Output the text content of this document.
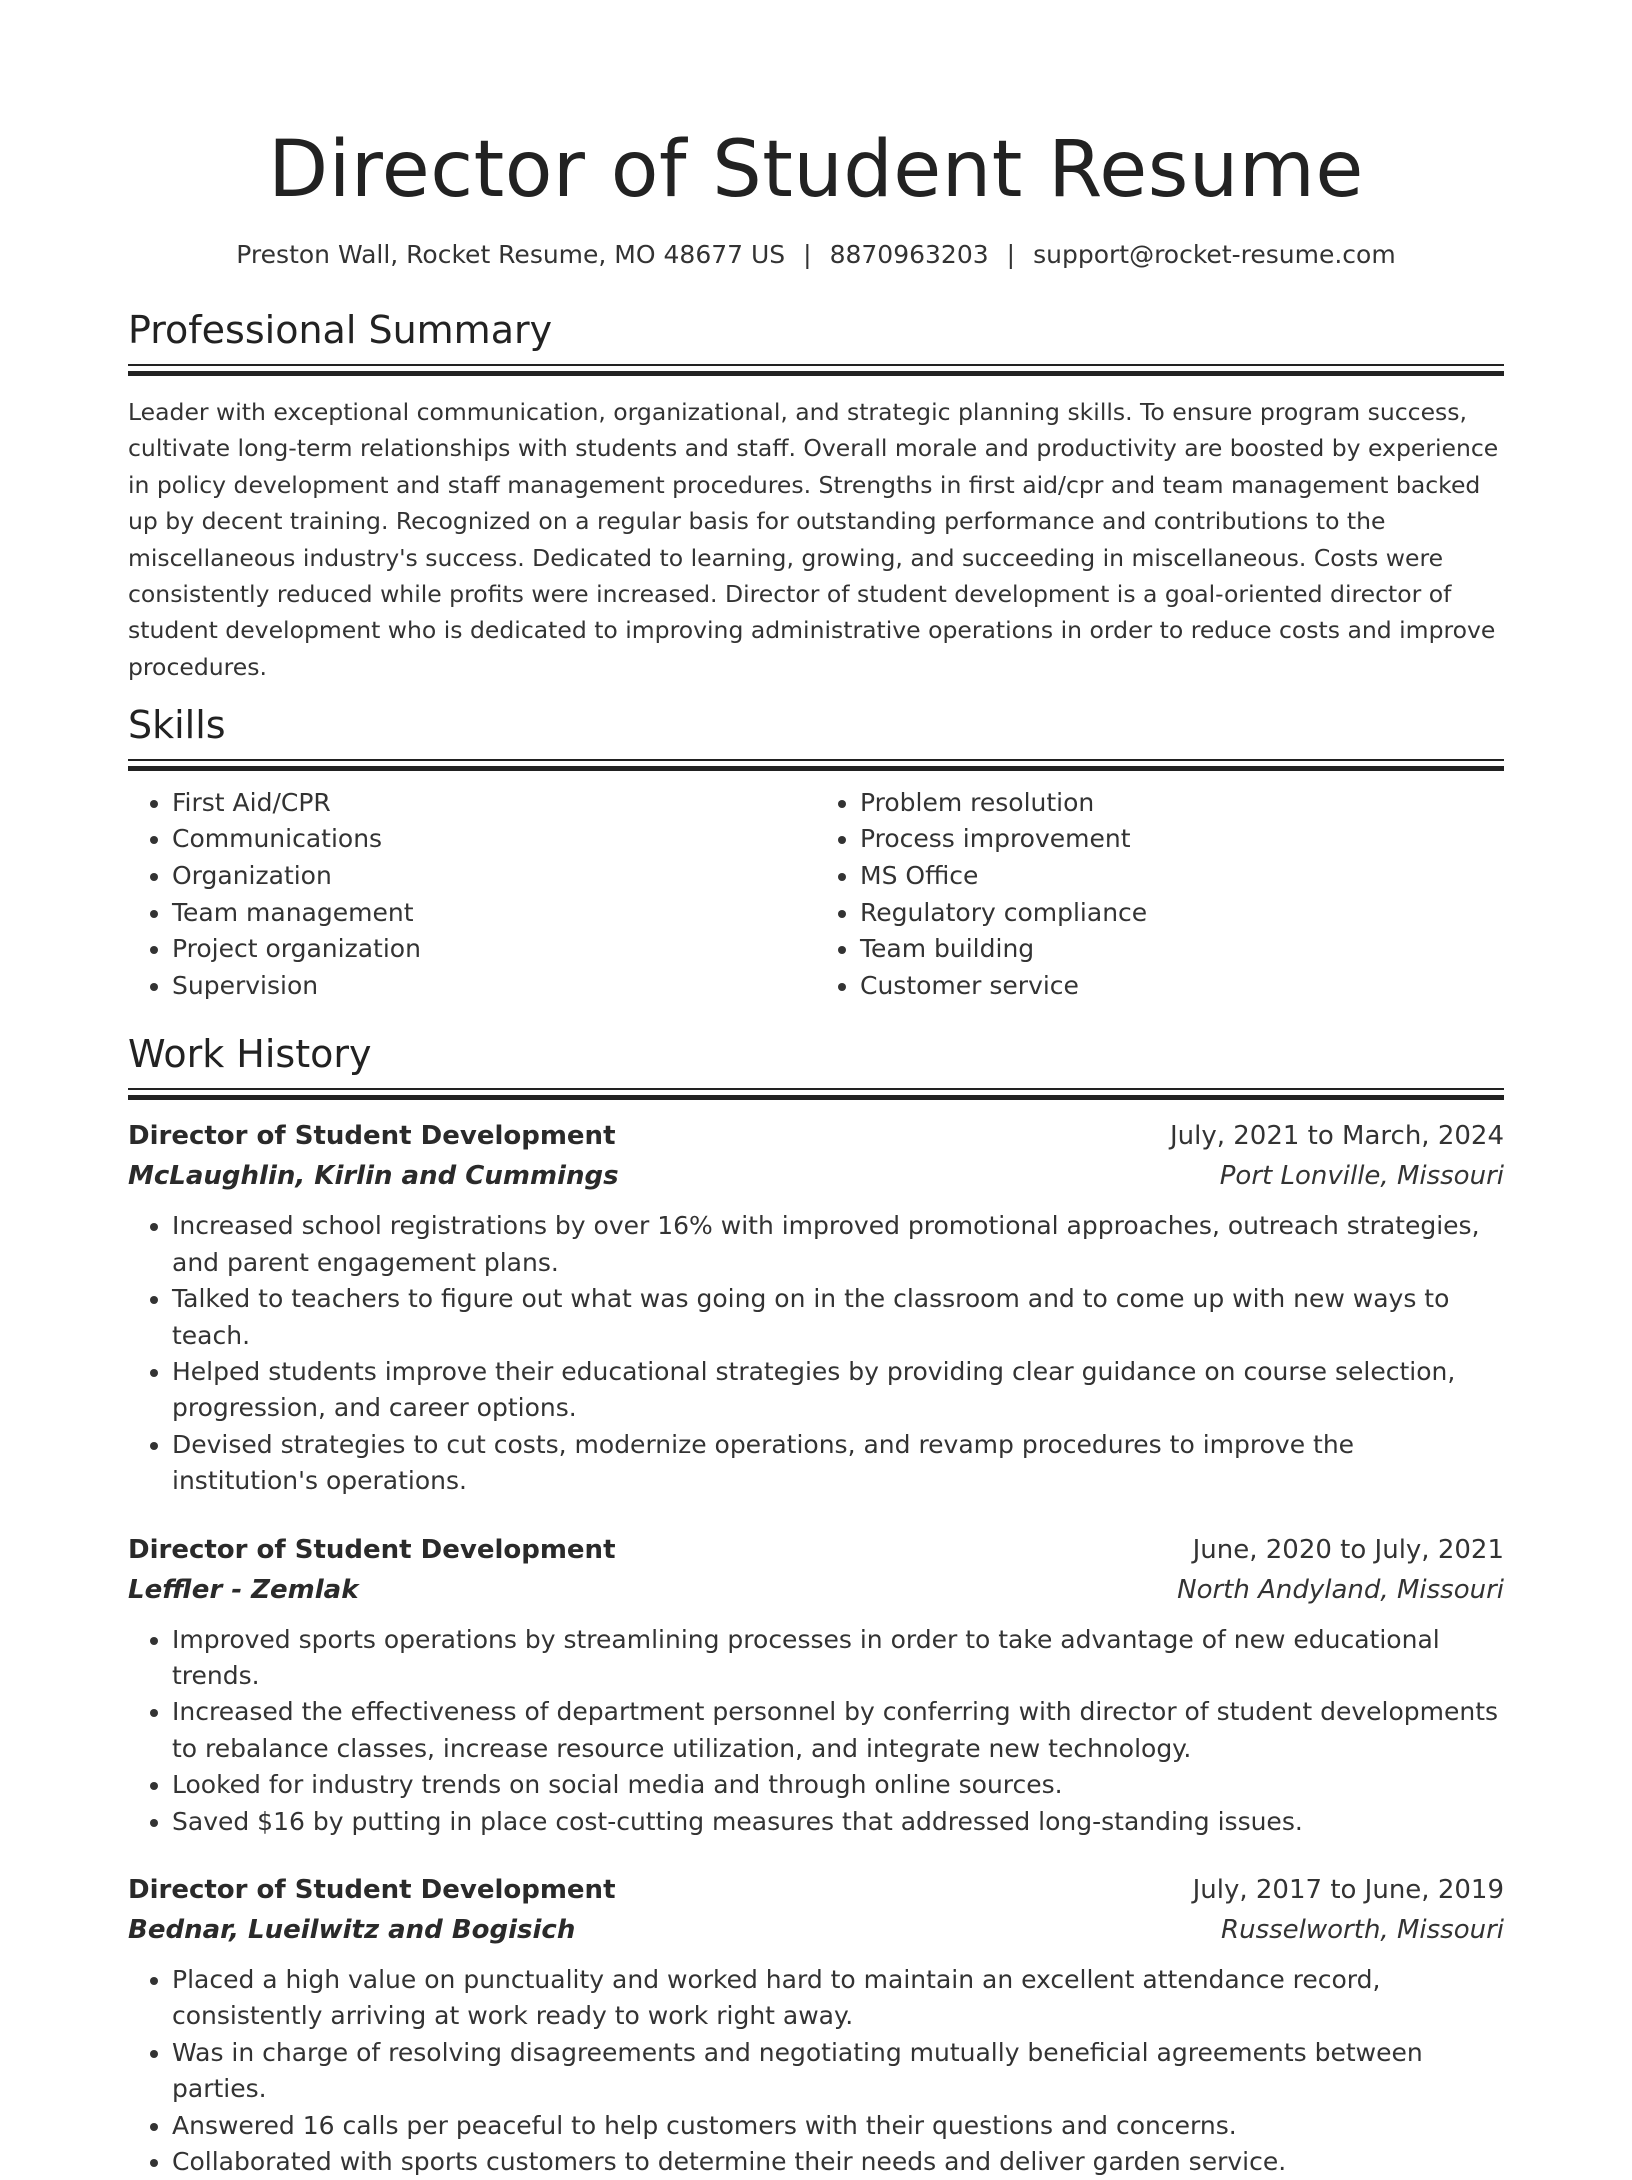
Director of Student Resume
Preston Wall, Rocket Resume, MO 48677 US | 8870963203 | support@rocket-resume.com
Professional Summary

Leader with exceptional communication, organizational, and strategic planning skills. To ensure program success, cultivate long-term relationships with students and staff. Overall morale and productivity are boosted by experience in policy development and staff management procedures. Strengths in first aid/cpr and team management backed up by decent training. Recognized on a regular basis for outstanding performance and contributions to the miscellaneous industry's success. Dedicated to learning, growing, and succeeding in miscellaneous. Costs were consistently reduced while profits were increased. Director of student development is a goal-oriented director of student development who is dedicated to improving administrative operations in order to reduce costs and improve procedures.

Skills
• First Aid/CPR
• Communications
• Organization
• Team management
• Project organization
• Supervision
• Problem resolution
• Process improvement
• MS Office
• Regulatory compliance
• Team building
• Customer service
Work History
Director of Student Development	July, 2021 to March, 2024
McLaughlin, Kirlin and Cummings	Port Lonville, Missouri
• Increased school registrations by over 16% with improved promotional approaches, outreach strategies, and parent engagement plans.
• Talked to teachers to figure out what was going on in the classroom and to come up with new ways to teach.
• Helped students improve their educational strategies by providing clear guidance on course selection, progression, and career options.
• Devised strategies to cut costs, modernize operations, and revamp procedures to improve the institution's operations.
Director of Student Development	June, 2020 to July, 2021
Leffler - Zemlak	North Andyland, Missouri
• Improved sports operations by streamlining processes in order to take advantage of new educational trends.
• Increased the effectiveness of department personnel by conferring with director of student developments to rebalance classes, increase resource utilization, and integrate new technology.
• Looked for industry trends on social media and through online sources.
• Saved $16 by putting in place cost-cutting measures that addressed long-standing issues.
Director of Student Development	July, 2017 to June, 2019
Bednar, Lueilwitz and Bogisich	Russelworth, Missouri
• Placed a high value on punctuality and worked hard to maintain an excellent attendance record, consistently arriving at work ready to work right away.
• Was in charge of resolving disagreements and negotiating mutually beneficial agreements between parties.
• Answered 16 calls per peaceful to help customers with their questions and concerns.
• Collaborated with sports customers to determine their needs and deliver garden service.
